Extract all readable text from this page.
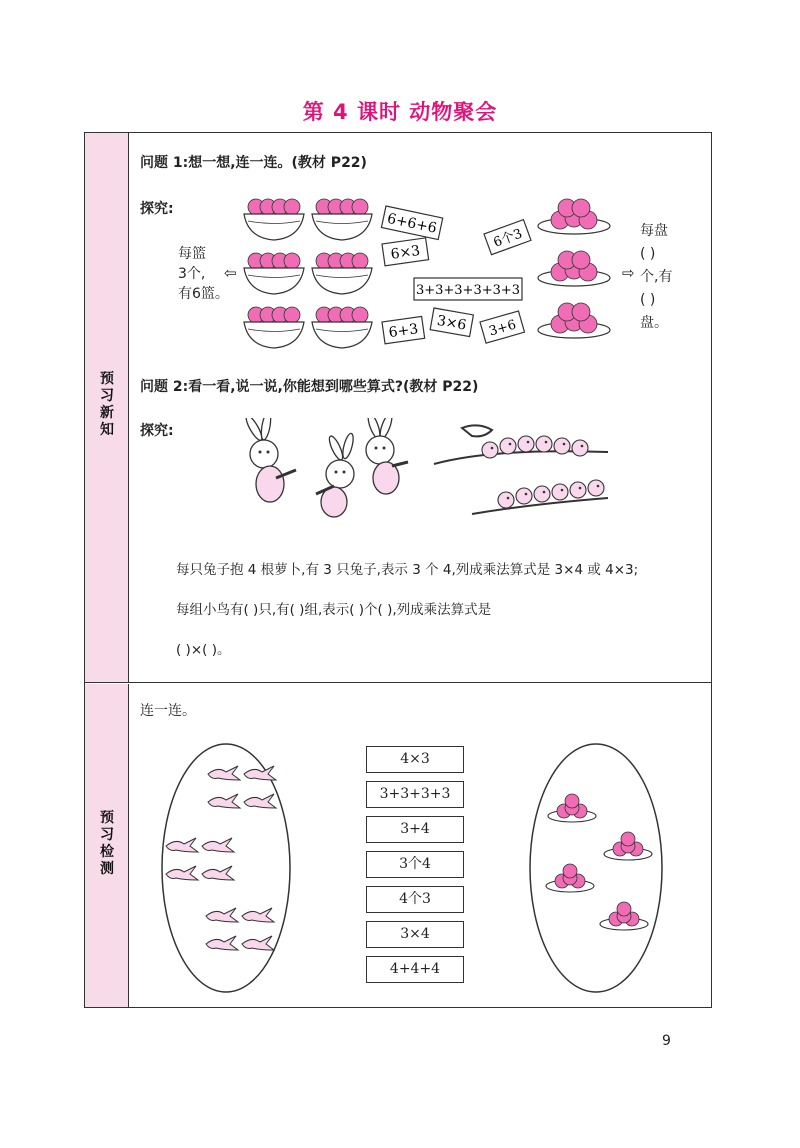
第 4 课时 动物聚会
预
习
新
知
预
习
检
测
问题 1:想一想,连一连。(教材 P22)
探究:
每篮
3个,
有6篮。
⇦
6+6+6
6×3
3+3+3+3+3+3
6+3 3×6
6个3
3+6
⇨
每盘
( )
个,有
( )
盘。
问题 2:看一看,说一说,你能想到哪些算式?(教材 P22)
探究:
每只兔子抱 4 根萝卜,有 3 只兔子,表示 3 个 4,列成乘法算式是 3×4 或 4×3;
每组小鸟有( )只,有( )组,表示( )个( ),列成乘法算式是
( )×( )。
连一连。
4×3
3+3+3+3
3+4
3个4
4个3
3×4
4+4+4
9
